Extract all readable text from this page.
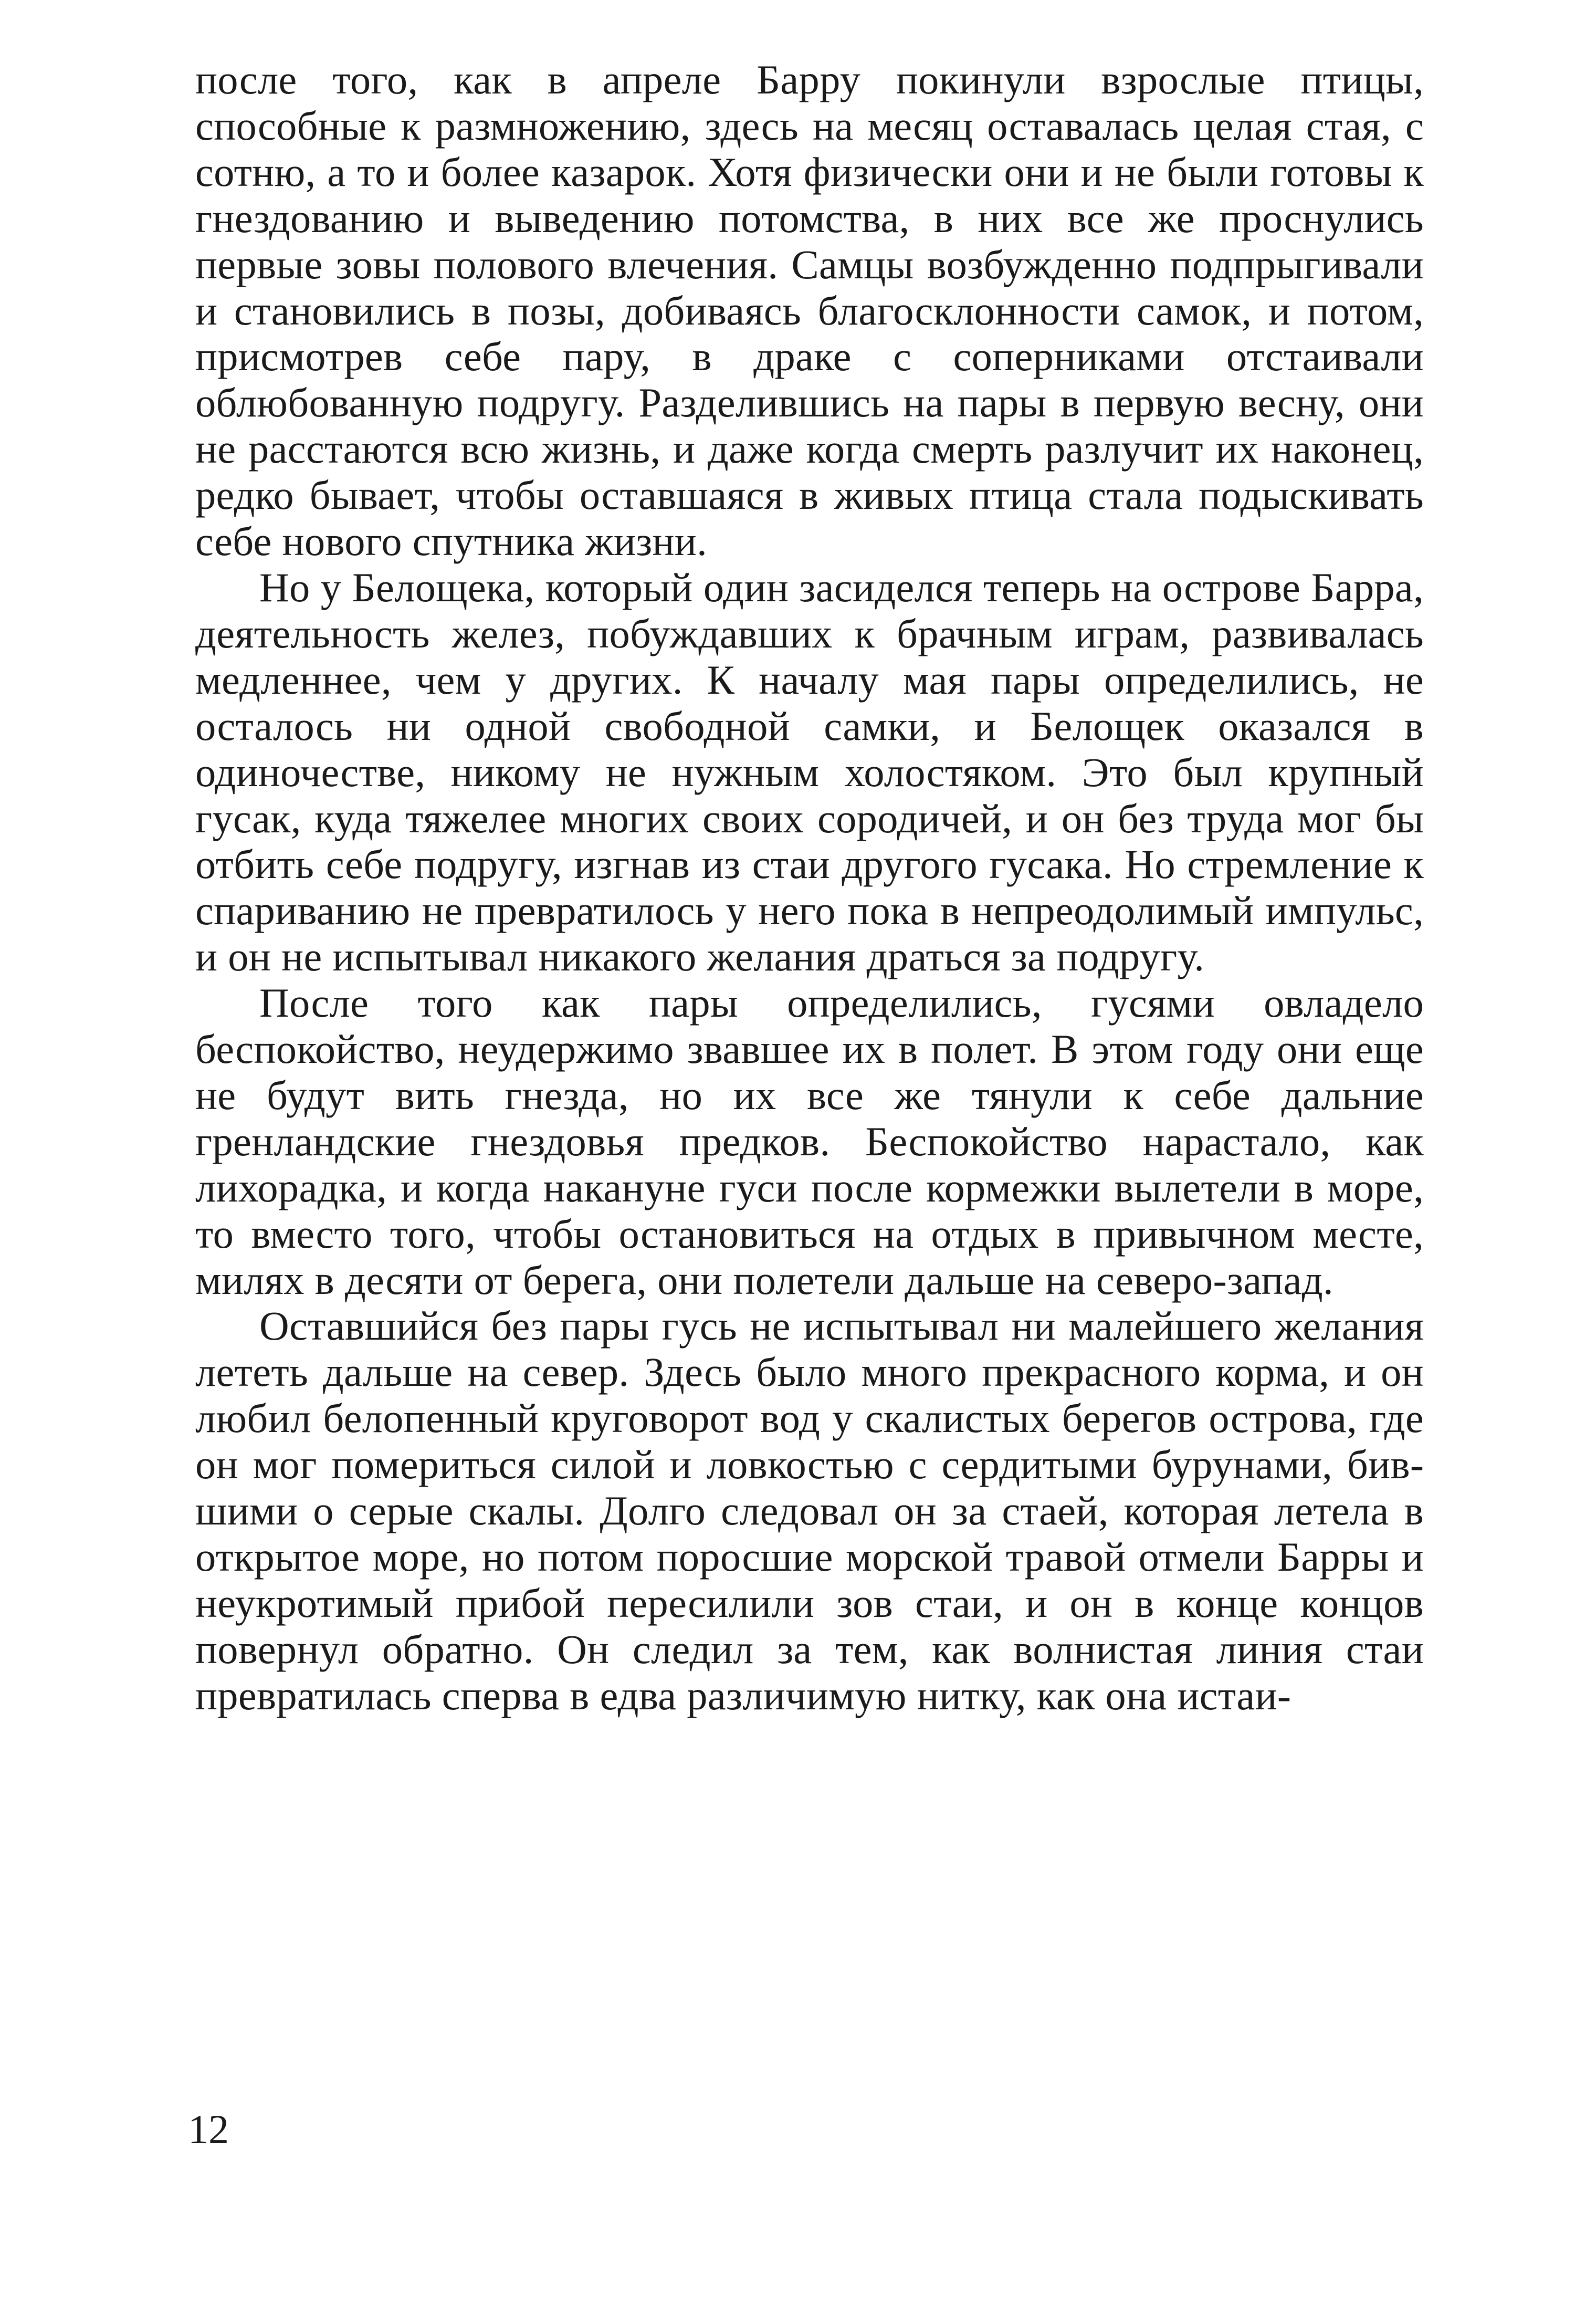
после того, как в апреле Барру покинули взрослые птицы, способные к размножению, здесь на месяц оставалась целая стая, с сотню, а то и более казарок. Хотя физически они и не были готовы к гнездованию и выведению потомства, в них все же проснулись первые зовы полового влечения. Самцы возбужденно подпрыгивали и становились в позы, добиваясь благосклонности самок, и потом, присмотрев себе пару, в драке с соперниками отстаивали облюбованную подругу. Разделившись на пары в первую весну, они не расстаются всю жизнь, и даже когда смерть разлучит их наконец, редко бывает, чтобы оставшаяся в живых птица стала подыскивать себе нового спутника жизни.

Но у Белощека, который один засиделся теперь на острове Барра, деятельность желез, побуждавших к брачным играм, развивалась медленнее, чем у других. К началу мая пары определились, не осталось ни одной свободной самки, и Белощек оказался в одиночестве, никому не нужным холостяком. Это был крупный гусак, куда тяжелее многих своих сородичей, и он без труда мог бы отбить себе подругу, изгнав из стаи другого гусака. Но стремление к спариванию не превратилось у него пока в непреодолимый импульс, и он не испытывал никакого желания драться за подругу.

После того как пары определились, гусями овладело беспокойство, неудержимо звавшее их в полет. В этом году они еще не будут вить гнезда, но их все же тянули к себе дальние гренландские гнездовья предков. Беспокойство нарастало, как лихорадка, и когда накануне гуси после кормежки вылетели в море, то вместо того, чтобы остановиться на отдых в привычном месте, милях в десяти от берега, они полетели дальше на северо-запад.

Оставшийся без пары гусь не испытывал ни малейшего желания лететь дальше на север. Здесь было много прекрасного корма, и он любил белопенный круговорот вод у скалистых берегов острова, где он мог помериться силой и ловкостью с сердитыми бурунами, бившими о серые скалы. Долго следовал он за стаей, которая летела в открытое море, но потом поросшие морской травой отмели Барры и неукротимый прибой пересилили зов стаи, и он в конце концов повернул обратно. Он следил за тем, как волнистая линия стаи превратилась сперва в едва различимую нитку, как она истаи-

12
